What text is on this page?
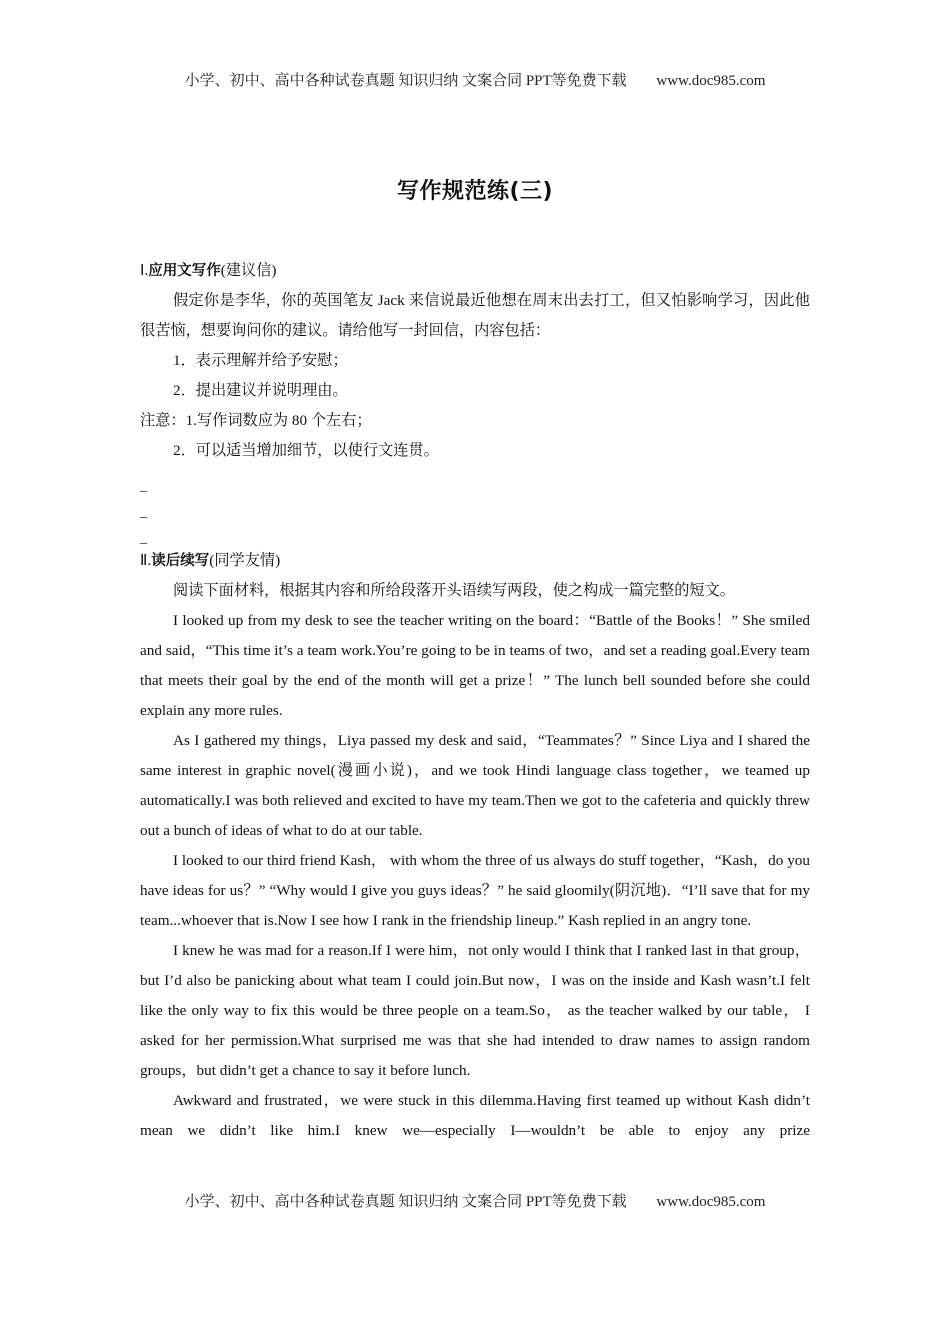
小学、初中、高中各种试卷真题 知识归纳 文案合同 PPT等免费下载 www.doc985.com
写作规范练(三)

Ⅰ.应用文写作(建议信)

假定你是李华，你的英国笔友 Jack 来信说最近他想在周末出去打工，但又怕影响学习，因此他很苦恼，想要询问你的建议。请给他写一封回信，内容包括：

1．表示理解并给予安慰；

2．提出建议并说明理由。

注意：1.写作词数应为 80 个左右；

2．可以适当增加细节，以使行文连贯。

_

_

_

Ⅱ.读后续写(同学友情)

阅读下面材料，根据其内容和所给段落开头语续写两段，使之构成一篇完整的短文。

I looked up from my desk to see the teacher writing on the board：“Battle of the Books！” She smiled and said，“This time it’s a team work.You’re going to be in teams of two，and set a reading goal.Every team that meets their goal by the end of the month will get a prize！” The lunch bell sounded before she could explain any more rules.

As I gathered my things，Liya passed my desk and said，“Teammates？” Since Liya and I shared the same interest in graphic novel(漫画小说)，and we took Hindi language class together，we teamed up automatically.I was both relieved and excited to have my team.Then we got to the cafeteria and quickly threw out a bunch of ideas of what to do at our table.

I looked to our third friend Kash， with whom the three of us always do stuff together，“Kash，do you have ideas for us？” “Why would I give you guys ideas？” he said gloomily(阴沉地)．“I’ll save that for my team...whoever that is.Now I see how I rank in the friendship lineup.” Kash replied in an angry tone.

I knew he was mad for a reason.If I were him，not only would I think that I ranked last in that group，but I’d also be panicking about what team I could join.But now，I was on the inside and Kash wasn’t.I felt like the only way to fix this would be three people on a team.So， as the teacher walked by our table， I asked for her permission.What surprised me was that she had intended to draw names to assign random groups，but didn’t get a chance to say it before lunch.

Awkward and frustrated，we were stuck in this dilemma.Having first teamed up without Kash didn’t mean we didn’t like him.I knew we—especially I—wouldn’t be able to enjoy any prize

小学、初中、高中各种试卷真题 知识归纳 文案合同 PPT等免费下载 www.doc985.com
